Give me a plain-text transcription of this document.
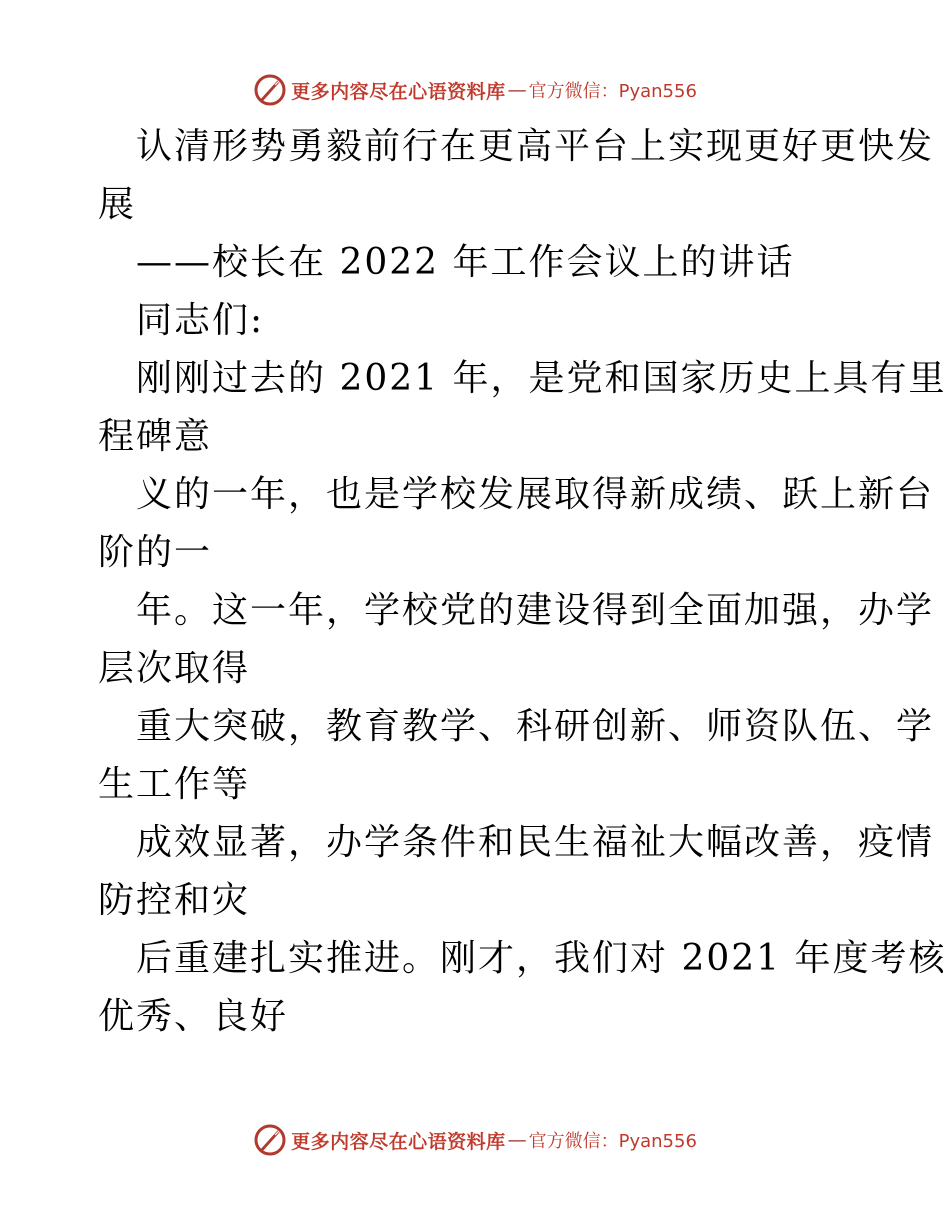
更多内容尽在心语资料库 — 官方微信：Pyan556
认清形势勇毅前行在更高平台上实现更好更快发
展
——校长在 2022 年工作会议上的讲话
同志们:
刚刚过去的 2021 年，是党和国家历史上具有里
程碑意
义的一年，也是学校发展取得新成绩、跃上新台
阶的一
年。这一年，学校党的建设得到全面加强，办学
层次取得
重大突破，教育教学、科研创新、师资队伍、学
生工作等
成效显著，办学条件和民生福祉大幅改善，疫情
防控和灾
后重建扎实推进。刚才，我们对 2021 年度考核
优秀、良好
更多内容尽在心语资料库 — 官方微信：Pyan556
